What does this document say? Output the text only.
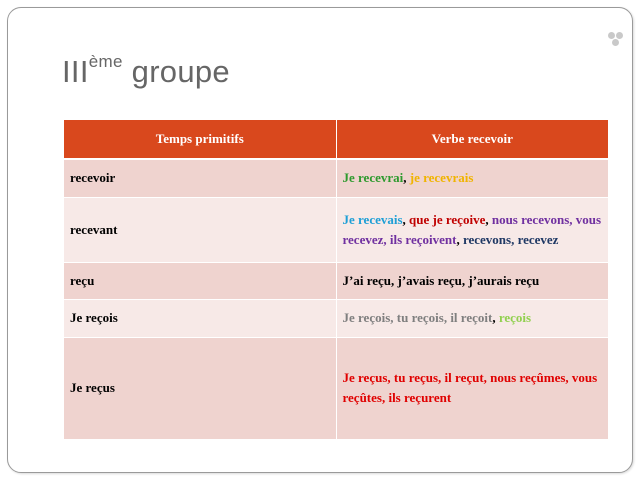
IIIème groupe
Temps primitifs	Verbe recevoir
recevoir	Je recevrai, je recevrais
recevant	Je recevais, que je reçoive, nous recevons, vous recevez, ils reçoivent, recevons, recevez
reçu	J’ai reçu, j’avais reçu, j’aurais reçu
Je reçois	Je reçois, tu reçois, il reçoit, reçois
Je reçus	Je reçus, tu reçus, il reçut, nous reçûmes, vous reçûtes, ils reçurent
